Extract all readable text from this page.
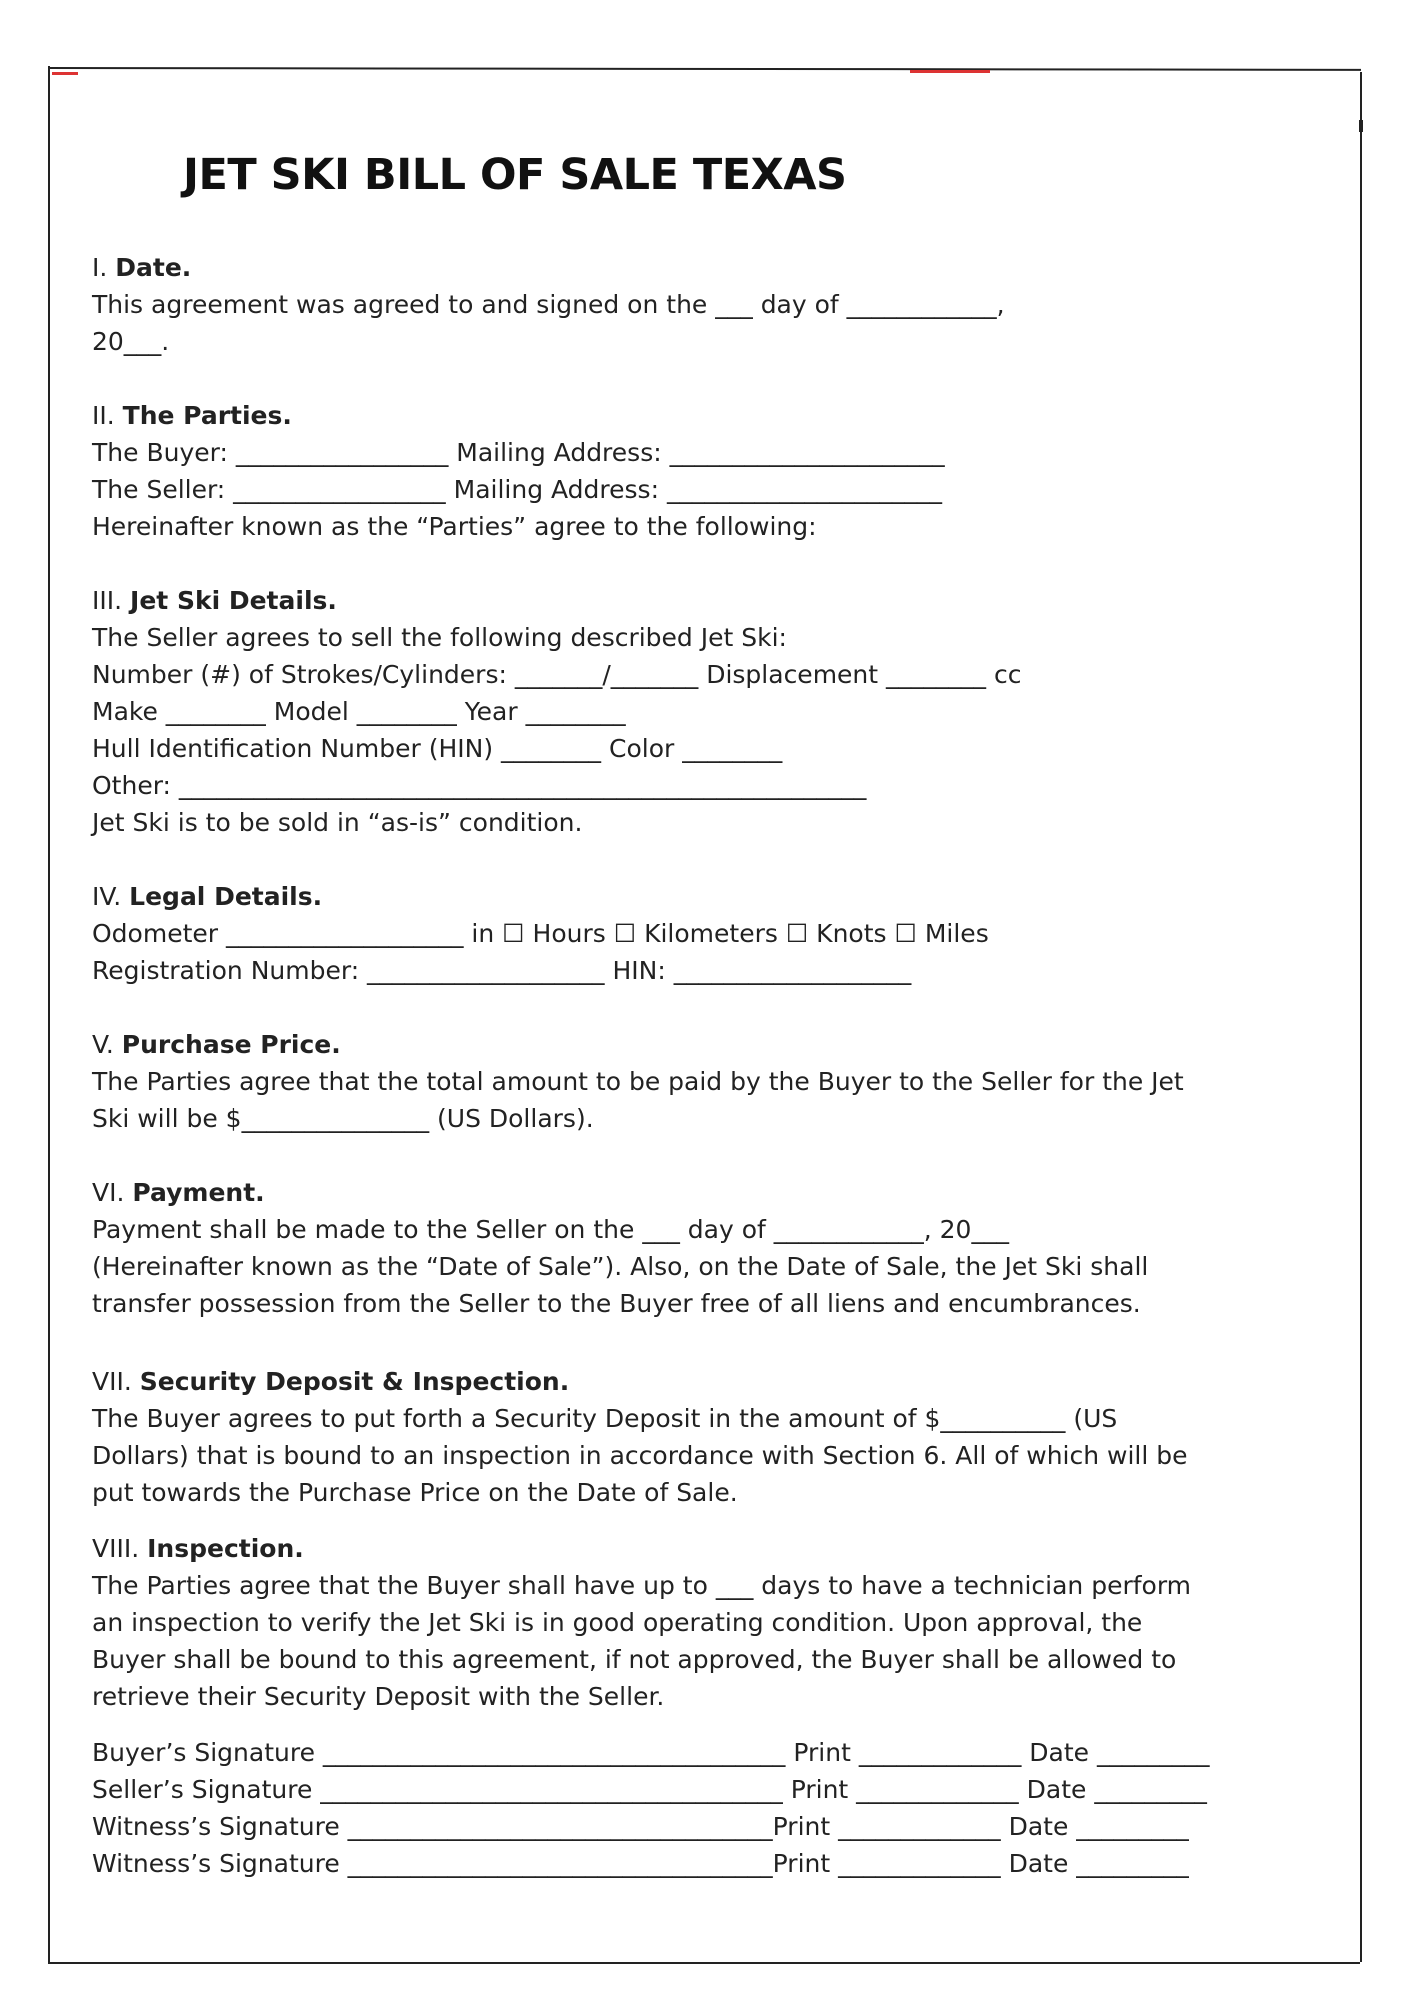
JET SKI BILL OF SALE TEXAS
I. Date.
This agreement was agreed to and signed on the ___ day of ____________,
20___.
II. The Parties.
The Buyer: _________________ Mailing Address: ______________________
The Seller: _________________ Mailing Address: ______________________
Hereinafter known as the “Parties” agree to the following:
III. Jet Ski Details.
The Seller agrees to sell the following described Jet Ski:
Number (#) of Strokes/Cylinders: _______/_______ Displacement ________ cc
Make ________ Model ________ Year ________
Hull Identification Number (HIN) ________ Color ________
Other: _______________________________________________________
Jet Ski is to be sold in “as-is” condition.
IV. Legal Details.
Odometer ___________________ in ☐ Hours ☐ Kilometers ☐ Knots ☐ Miles
Registration Number: ___________________ HIN: ___________________
V. Purchase Price.
The Parties agree that the total amount to be paid by the Buyer to the Seller for the Jet
Ski will be $_______________ (US Dollars).
VI. Payment.
Payment shall be made to the Seller on the ___ day of ____________, 20___
(Hereinafter known as the “Date of Sale”). Also, on the Date of Sale, the Jet Ski shall
transfer possession from the Seller to the Buyer free of all liens and encumbrances.
VII. Security Deposit & Inspection.
The Buyer agrees to put forth a Security Deposit in the amount of $__________ (US
Dollars) that is bound to an inspection in accordance with Section 6. All of which will be
put towards the Purchase Price on the Date of Sale.
VIII. Inspection.
The Parties agree that the Buyer shall have up to ___ days to have a technician perform
an inspection to verify the Jet Ski is in good operating condition. Upon approval, the
Buyer shall be bound to this agreement, if not approved, the Buyer shall be allowed to
retrieve their Security Deposit with the Seller.
Buyer’s Signature _____________________________________ Print _____________ Date _________
Seller’s Signature _____________________________________ Print _____________ Date _________
Witness’s Signature __________________________________Print _____________ Date _________
Witness’s Signature __________________________________Print _____________ Date _________
